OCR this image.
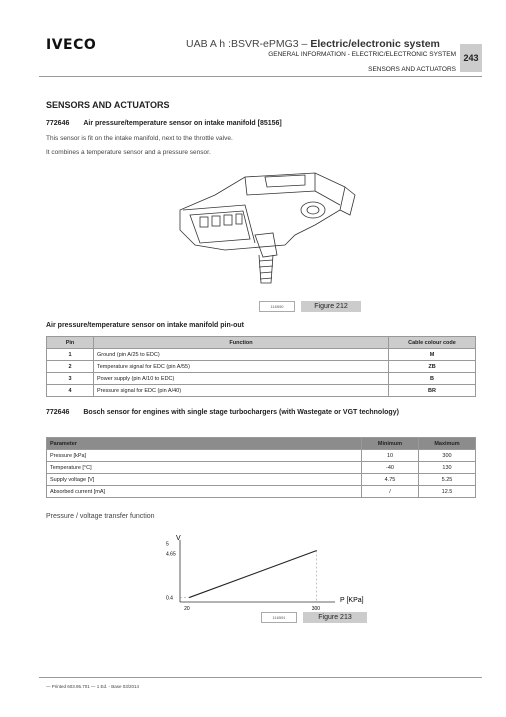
IVECO	UAB A h :BSVR-ePMG3 – Electric/electronic system
GENERAL INFORMATION - ELECTRIC/ELECTRONIC SYSTEM
SENSORS AND ACTUATORS
243
SENSORS AND ACTUATORS
772646 Air pressure/temperature sensor on intake manifold [85156]
This sensor is fit on the intake manifold, next to the throttle valve.
It combines a temperature sensor and a pressure sensor.
116590	Figure 212
Air pressure/temperature sensor on intake manifold pin-out
Pin	Function	Cable colour code
1	Ground (pin A/25 to EDC)	M
2	Temperature signal for EDC (pin A/55)	ZB
3	Power supply (pin A/10 to EDC)	B
4	Pressure signal for EDC (pin A/40)	BR
772646 Bosch sensor for engines with single stage turbochargers (with Wastegate or VGT technology)
Parameter	Minimum	Maximum
Pressure [kPa]	10	300
Temperature [°C]	-40	130
Supply voltage [V]	4.75	5.25
Absorbed current [mA]	/	12.5
Pressure / voltage transfer function
V
P [KPa]
20	300
0.4
4.65
5
116591	Figure 213
— Printed 603.95.701 — 1 Ed. - Base 03/2014
